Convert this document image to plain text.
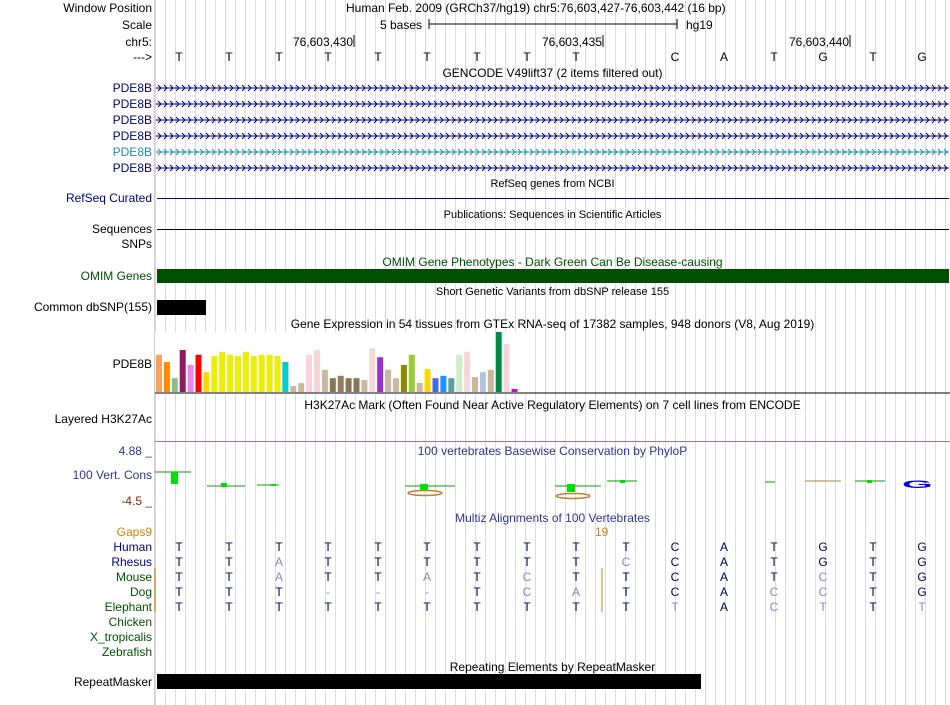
Window Position	Human Feb. 2009 (GRCh37/hg19) chr5:76,603,427-76,603,442 (16 bp)
Scale	5 bases	hg19
chr5:	76,603,430	76,603,435	76,603,440
---> T	T	T	T	T	T	T	T	T	C	A	T	G	T	G
GENCODE V49lift37 (2 items filtered out)
PDE8B
PDE8B
PDE8B
PDE8B
PDE8B
PDE8B
RefSeq genes from NCBI
RefSeq Curated
Publications: Sequences in Scientific Articles
Sequences
SNPs
OMIM Gene Phenotypes - Dark Green Can Be Disease-causing
OMIM Genes
Short Genetic Variants from dbSNP release 155
Common dbSNP(155)
Gene Expression in 54 tissues from GTEx RNA-seq of 17382 samples, 948 donors (V8, Aug 2019)
PDE8B
H3K27Ac Mark (Often Found Near Active Regulatory Elements) on 7 cell lines from ENCODE
Layered H3K27Ac
100 vertebrates Basewise Conservation by PhyloP
4.88 _
100 Vert. Cons
-4.5 _
G
Multiz Alignments of 100 Vertebrates
Gaps9	19
Human T	T	T	T	T	T	T	T	T	T	C	A	T	G	T	G
Rhesus T	T	A	T	T	T	T	T	T	C	C	A	T	G	T	G
Mouse T	T	A	T	T	A	T	C	T	T	C	A	T	C	T	G
Dog T	T	T	-	-	-	T	C	A	T	C	A	C	C	T	G
Elephant T	T	T	T	T	T	T	T	T	T	T	A	C	T	T	T
Chicken
X_tropicalis
Zebrafish
Repeating Elements by RepeatMasker
RepeatMasker
